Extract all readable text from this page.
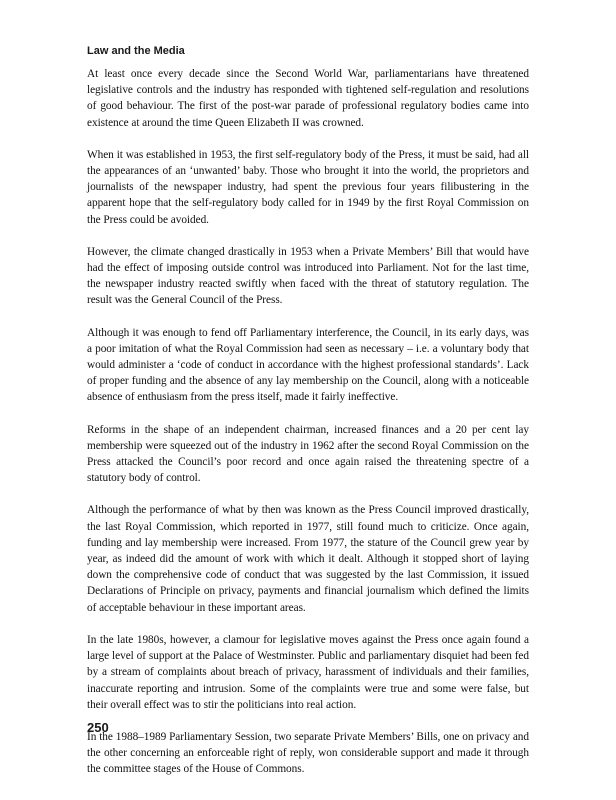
Law and the Media

At least once every decade since the Second World War, parliamentarians have threatened legislative controls and the industry has responded with tightened self-regulation and resolutions of good behaviour. The first of the post-war parade of professional regulatory bodies came into existence at around the time Queen Elizabeth II was crowned.

When it was established in 1953, the first self-regulatory body of the Press, it must be said, had all the appearances of an ‘unwanted’ baby. Those who brought it into the world, the proprietors and journalists of the newspaper industry, had spent the previous four years filibustering in the apparent hope that the self-regulatory body called for in 1949 by the first Royal Commission on the Press could be avoided.

However, the climate changed drastically in 1953 when a Private Members’ Bill that would have had the effect of imposing outside control was introduced into Parliament. Not for the last time, the newspaper industry reacted swiftly when faced with the threat of statutory regulation. The result was the General Council of the Press.

Although it was enough to fend off Parliamentary interference, the Council, in its early days, was a poor imitation of what the Royal Commission had seen as necessary – i.e. a voluntary body that would administer a ‘code of conduct in accordance with the highest professional standards’. Lack of proper funding and the absence of any lay membership on the Council, along with a noticeable absence of enthusiasm from the press itself, made it fairly ineffective.

Reforms in the shape of an independent chairman, increased finances and a 20 per cent lay membership were squeezed out of the industry in 1962 after the second Royal Commission on the Press attacked the Council’s poor record and once again raised the threatening spectre of a statutory body of control.

Although the performance of what by then was known as the Press Council improved drastically, the last Royal Commission, which reported in 1977, still found much to criticize. Once again, funding and lay membership were increased. From 1977, the stature of the Council grew year by year, as indeed did the amount of work with which it dealt. Although it stopped short of laying down the comprehensive code of conduct that was suggested by the last Commission, it issued Declarations of Principle on privacy, payments and financial journalism which defined the limits of acceptable behaviour in these important areas.

In the late 1980s, however, a clamour for legislative moves against the Press once again found a large level of support at the Palace of Westminster. Public and parliamentary disquiet had been fed by a stream of complaints about breach of privacy, harassment of individuals and their families, inaccurate reporting and intrusion. Some of the complaints were true and some were false, but their overall effect was to stir the politicians into real action.

In the 1988–1989 Parliamentary Session, two separate Private Members’ Bills, one on privacy and the other concerning an enforceable right of reply, won considerable support and made it through the committee stages of the House of Commons.

250
